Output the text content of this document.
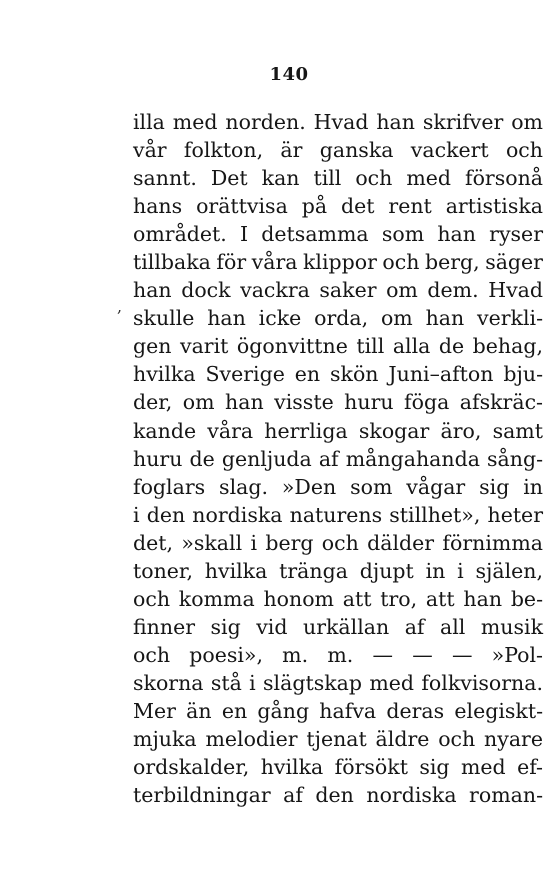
140
,
illa med norden. Hvad han skrifver om
vår folkton, är ganska vackert och
sannt. Det kan till och med försonå
hans orättvisa på det rent artistiska
området. I detsamma som han ryser
tillbaka för våra klippor och berg, säger
han dock vackra saker om dem. Hvad
skulle han icke orda, om han verkli-
gen varit ögonvittne till alla de behag,
hvilka Sverige en skön Juni–afton bju-
der, om han visste huru föga afskräc-
kande våra herrliga skogar äro, samt
huru de genljuda af mångahanda sång-
foglars slag. »Den som vågar sig in
i den nordiska naturens stillhet», heter
det, »skall i berg och dälder förnimma
toner, hvilka tränga djupt in i själen,
och komma honom att tro, att han be-
finner sig vid urkällan af all musik
och poesi», m. m. — — — »Pol-
skorna stå i slägtskap med folkvisorna.
Mer än en gång hafva deras elegiskt-
mjuka melodier tjenat äldre och nyare
ordskalder, hvilka försökt sig med ef-
terbildningar af den nordiska roman-
